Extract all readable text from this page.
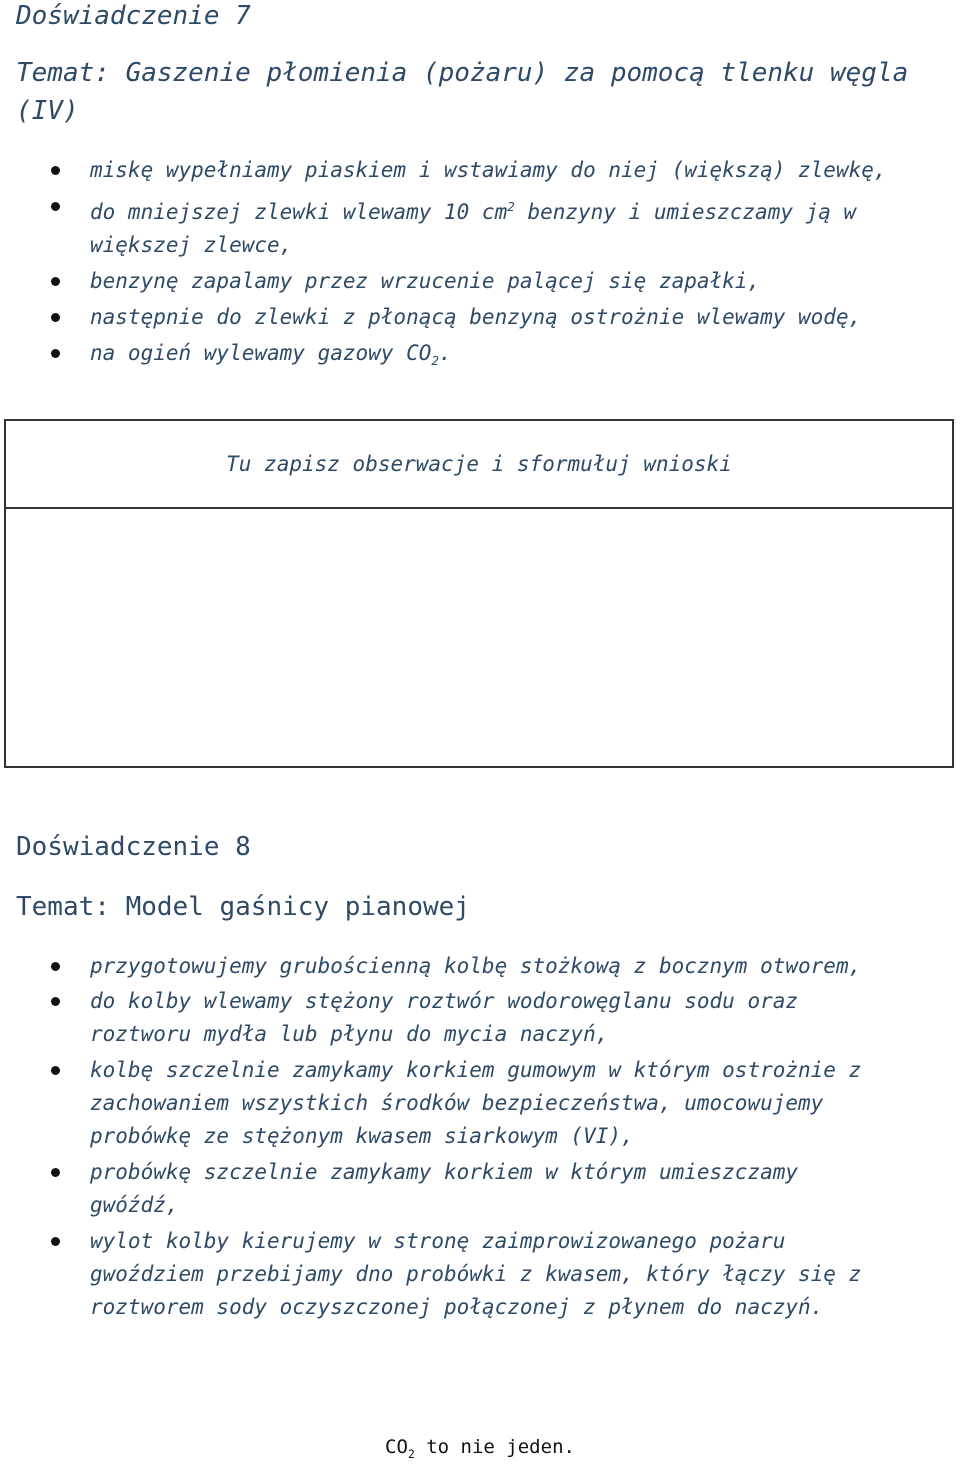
Doświadczenie 7
Temat: Gaszenie płomienia (pożaru) za pomocą tlenku węgla (IV)
miskę wypełniamy piaskiem i wstawiamy do niej (większą) zlewkę,
do mniejszej zlewki wlewamy 10 $cm^2$ benzyny i umieszczamy ją w większej zlewce,
benzynę zapalamy przez wrzucenie palącej się zapałki,
następnie do zlewki z płonącą benzyną ostrożnie wlewamy wodę,
na ogień wylewamy gazowy $CO_2$.
Tu zapisz obserwacje i sformułuj wnioski
Doświadczenie 8
Temat: Model gaśnicy pianowej
przygotowujemy grubościenną kolbę stożkową z bocznym otworem,
do kolby wlewamy stężony roztwór wodorowęglanu sodu oraz
roztworu mydła lub płynu do mycia naczyń,
kolbę szczelnie zamykamy korkiem gumowym w którym ostrożnie z
zachowaniem wszystkich środków bezpieczeństwa, umocowujemy
probówkę ze stężonym kwasem siarkowym (VI),
probówkę szczelnie zamykamy korkiem w którym umieszczamy
gwóźdź,
wylot kolby kierujemy w stronę zaimprowizowanego pożaru
gwoździem przebijamy dno probówki z kwasem, który łączy się z
roztworem sody oczyszczonej połączonej z płynem do naczyń.
$CO_2$ to nie jeden.
